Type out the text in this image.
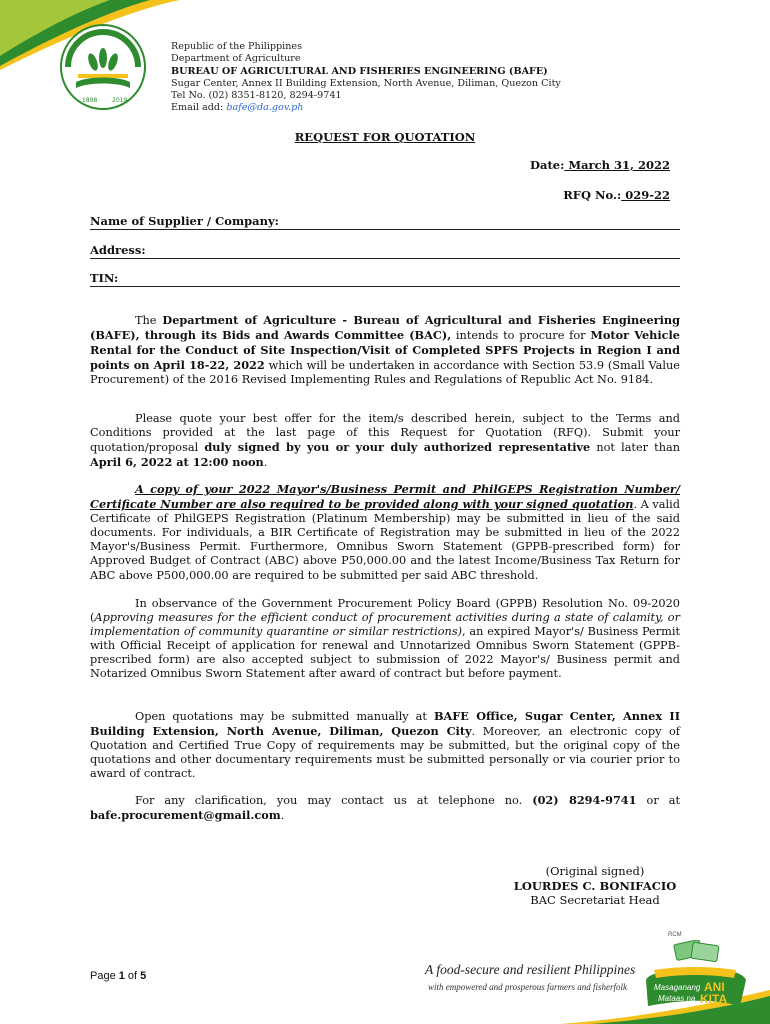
1898 2019
Republic of the Philippines
Department of Agriculture
BUREAU OF AGRICULTURAL AND FISHERIES ENGINEERING (BAFE)
Sugar Center, Annex II Building Extension, North Avenue, Diliman, Quezon City
Tel No. (02) 8351-8120, 8294-9741
Email add: bafe@da.gov.ph
REQUEST FOR QUOTATION
Date: March 31, 2022
RFQ No.: 029-22
Name of Supplier / Company:
Address:
TIN:

The Department of Agriculture - Bureau of Agricultural and Fisheries Engineering (BAFE), through its Bids and Awards Committee (BAC), intends to procure for Motor Vehicle Rental for the Conduct of Site Inspection/Visit of Completed SPFS Projects in Region I and points on April 18-22, 2022 which will be undertaken in accordance with Section 53.9 (Small Value Procurement) of the 2016 Revised Implementing Rules and Regulations of Republic Act No. 9184.

Please quote your best offer for the item/s described herein, subject to the Terms and Conditions provided at the last page of this Request for Quotation (RFQ). Submit your quotation/proposal duly signed by you or your duly authorized representative not later than April 6, 2022 at 12:00 noon.

A copy of your 2022 Mayor's/Business Permit and PhilGEPS Registration Number/ Certificate Number are also required to be provided along with your signed quotation. A valid Certificate of PhilGEPS Registration (Platinum Membership) may be submitted in lieu of the said documents. For individuals, a BIR Certificate of Registration may be submitted in lieu of the 2022 Mayor's/Business Permit. Furthermore, Omnibus Sworn Statement (GPPB-prescribed form) for Approved Budget of Contract (ABC) above P50,000.00 and the latest Income/Business Tax Return for ABC above P500,000.00 are required to be submitted per said ABC threshold.

In observance of the Government Procurement Policy Board (GPPB) Resolution No. 09-2020 (Approving measures for the efficient conduct of procurement activities during a state of calamity, or implementation of community quarantine or similar restrictions), an expired Mayor's/ Business Permit with Official Receipt of application for renewal and Unnotarized Omnibus Sworn Statement (GPPB-prescribed form) are also accepted subject to submission of 2022 Mayor's/ Business permit and Notarized Omnibus Sworn Statement after award of contract but before payment.

Open quotations may be submitted manually at BAFE Office, Sugar Center, Annex II Building Extension, North Avenue, Diliman, Quezon City. Moreover, an electronic copy of Quotation and Certified True Copy of requirements may be submitted, but the original copy of the quotations and other documentary requirements must be submitted personally or via courier prior to award of contract.

For any clarification, you may contact us at telephone no. (02) 8294-9741 or at bafe.procurement@gmail.com.

(Original signed)
LOURDES C. BONIFACIO
BAC Secretariat Head
Page 1 of 5	A food-secure and resilient Philippines
with empowered and prosperous farmers and fisherfolk
RCM
Masaganang ANI
Mataas na KITA
